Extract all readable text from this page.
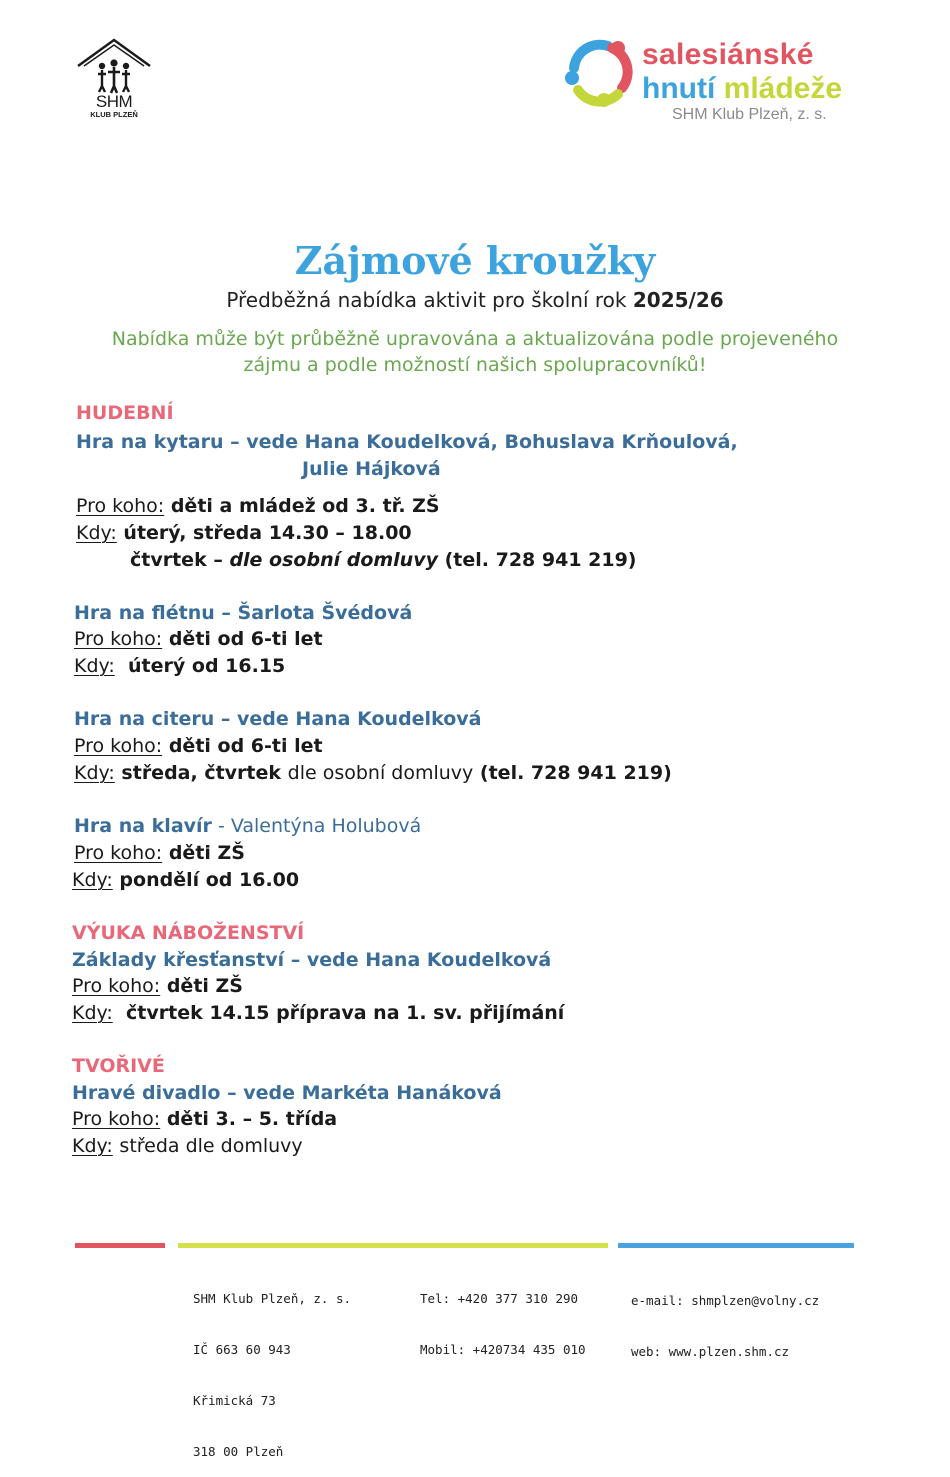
SHM
KLUB PLZEŇ
salesiánské
hnutí mládeže
SHM Klub Plzeň, z. s.
Zájmové kroužky
Předběžná nabídka aktivit pro školní rok 2025/26
Nabídka může být průběžně upravována a aktualizována podle projeveného
zájmu a podle možností našich spolupracovníků!
HUDEBNÍ
Hra na kytaru – vede Hana Koudelková, Bohuslava Krňoulová,
Julie Hájková
Pro koho: děti a mládež od 3. tř. ZŠ
Kdy: úterý, středa 14.30 – 18.00
čtvrtek – dle osobní domluvy (tel. 728 941 219)
Hra na flétnu – Šarlota Švédová
Pro koho: děti od 6-ti let
Kdy: úterý od 16.15
Hra na citeru – vede Hana Koudelková
Pro koho: děti od 6-ti let
Kdy: středa, čtvrtek dle osobní domluvy (tel. 728 941 219)
Hra na klavír - Valentýna Holubová
Pro koho: děti ZŠ
Kdy: pondělí od 16.00
VÝUKA NÁBOŽENSTVÍ
Základy křesťanství – vede Hana Koudelková
Pro koho: děti ZŠ
Kdy: čtvrtek 14.15 příprava na 1. sv. přijímání
TVOŘIVÉ
Hravé divadlo – vede Markéta Hanáková
Pro koho: děti 3. – 5. třída
Kdy: středa dle domluvy

SHM Klub Plzeň, z. s.

IČ 663 60 943

Křimická 73

318 00 Plzeň

Tel: +420 377 310 290

Mobil: +420734 435 010

e-mail: shmplzen@volny.cz

web: www.plzen.shm.cz
